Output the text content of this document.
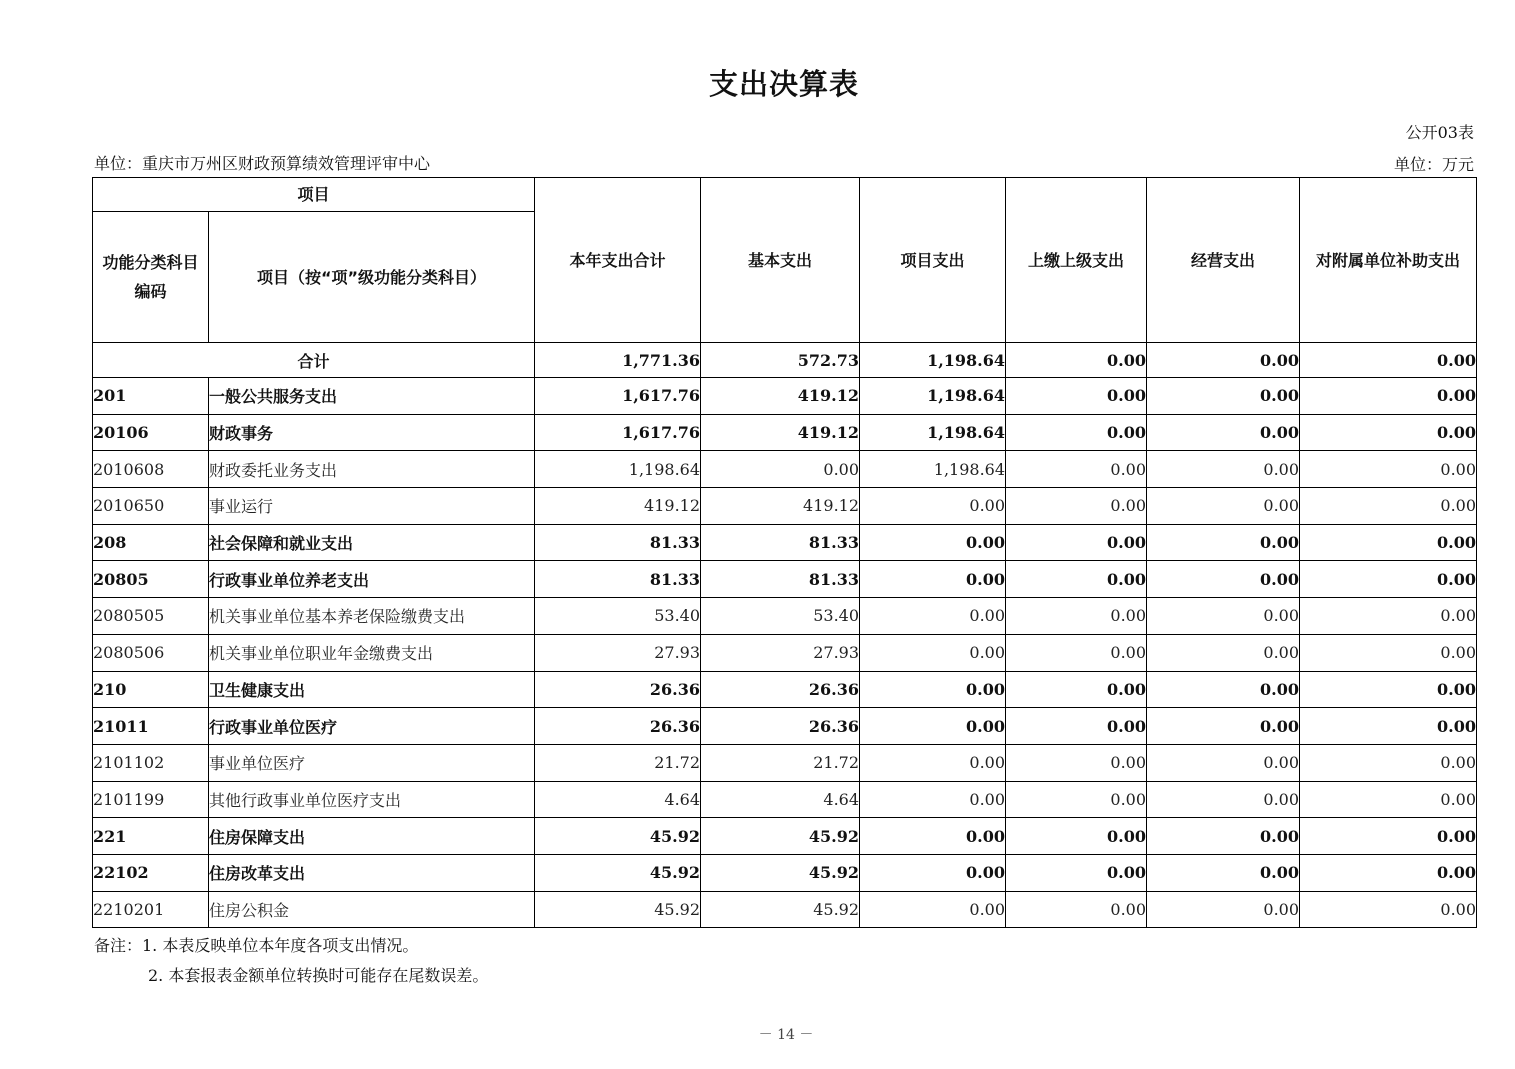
支出决算表
公开03表
单位：重庆市万州区财政预算绩效管理评审中心	单位：万元
项目		本年支出合计	基本支出	项目支出	上缴上级支出	经营支出	对附属单位补助支出
功能分类科目编码	项目（按“项”级功能分类科目）						
合计		1,771.36	572.73	1,198.64	0.00	0.00	0.00
201	一般公共服务支出	1,617.76	419.12	1,198.64	0.00	0.00	0.00
20106	财政事务	1,617.76	419.12	1,198.64	0.00	0.00	0.00
2010608	财政委托业务支出	1,198.64	0.00	1,198.64	0.00	0.00	0.00
2010650	事业运行	419.12	419.12	0.00	0.00	0.00	0.00
208	社会保障和就业支出	81.33	81.33	0.00	0.00	0.00	0.00
20805	行政事业单位养老支出	81.33	81.33	0.00	0.00	0.00	0.00
2080505	机关事业单位基本养老保险缴费支出	53.40	53.40	0.00	0.00	0.00	0.00
2080506	机关事业单位职业年金缴费支出	27.93	27.93	0.00	0.00	0.00	0.00
210	卫生健康支出	26.36	26.36	0.00	0.00	0.00	0.00
21011	行政事业单位医疗	26.36	26.36	0.00	0.00	0.00	0.00
2101102	事业单位医疗	21.72	21.72	0.00	0.00	0.00	0.00
2101199	其他行政事业单位医疗支出	4.64	4.64	0.00	0.00	0.00	0.00
221	住房保障支出	45.92	45.92	0.00	0.00	0.00	0.00
22102	住房改革支出	45.92	45.92	0.00	0.00	0.00	0.00
2210201	住房公积金	45.92	45.92	0.00	0.00	0.00	0.00
备注：1. 本表反映单位本年度各项支出情况。
2. 本套报表金额单位转换时可能存在尾数误差。
－ 14 －
